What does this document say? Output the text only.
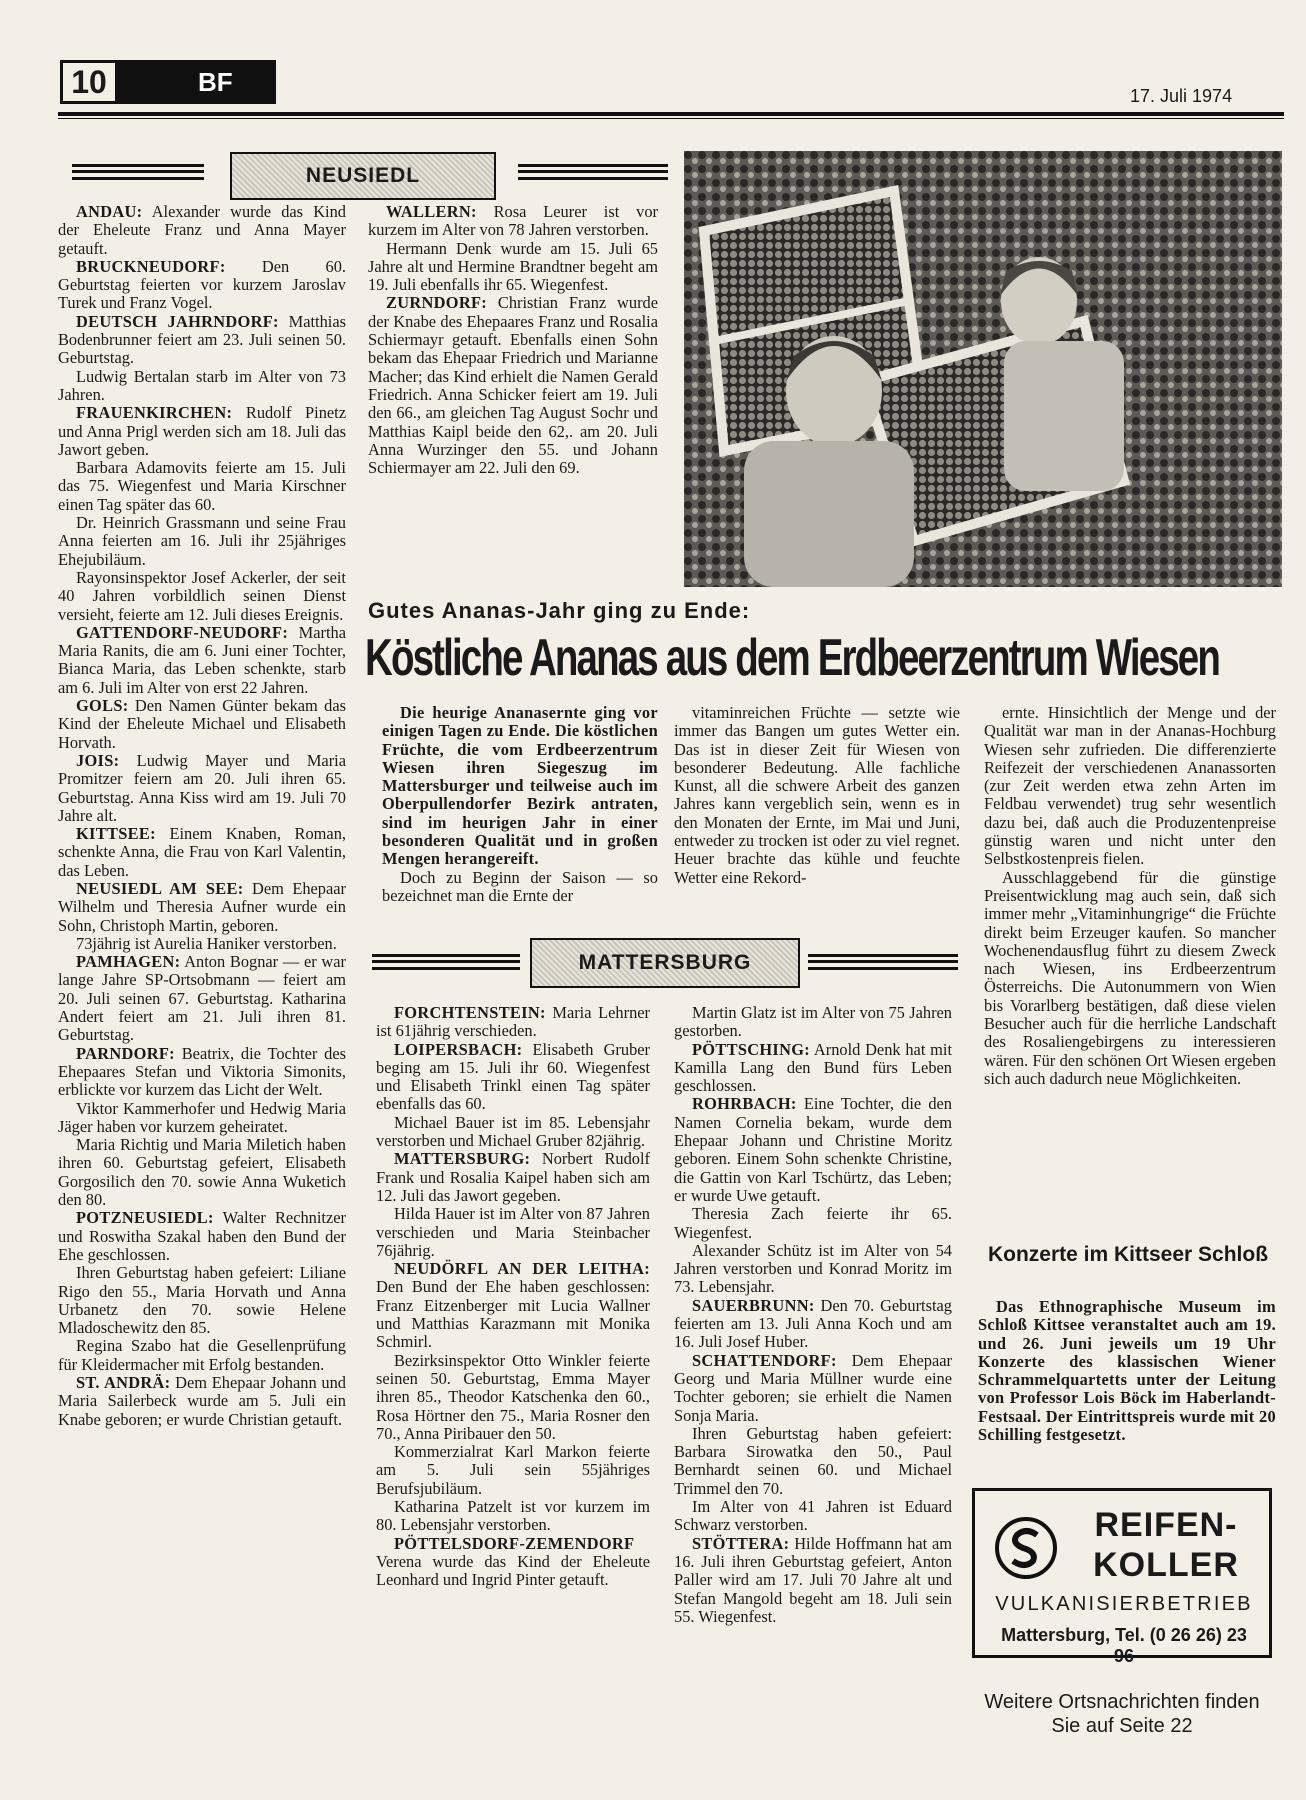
10	BF	17. Juli 1974
NEUSIEDL

ANDAU: Alexander wurde das Kind der Eheleute Franz und Anna Mayer getauft.

BRUCKNEUDORF: Den 60. Geburtstag feierten vor kurzem Jaroslav Turek und Franz Vogel.

DEUTSCH JAHRNDORF: Matthias Bodenbrunner feiert am 23. Juli seinen 50. Geburtstag.

Ludwig Bertalan starb im Alter von 73 Jahren.

FRAUENKIRCHEN: Rudolf Pinetz und Anna Prigl werden sich am 18. Juli das Jawort geben.

Barbara Adamovits feierte am 15. Juli das 75. Wiegenfest und Maria Kirschner einen Tag später das 60.

Dr. Heinrich Grassmann und seine Frau Anna feierten am 16. Juli ihr 25jähriges Ehejubiläum.

Rayonsinspektor Josef Ackerler, der seit 40 Jahren vorbildlich seinen Dienst versieht, feierte am 12. Juli dieses Ereignis.

GATTENDORF-NEUDORF: Martha Maria Ranits, die am 6. Juni einer Tochter, Bianca Maria, das Leben schenkte, starb am 6. Juli im Alter von erst 22 Jahren.

GOLS: Den Namen Günter bekam das Kind der Eheleute Michael und Elisabeth Horvath.

JOIS: Ludwig Mayer und Maria Promitzer feiern am 20. Juli ihren 65. Geburtstag. Anna Kiss wird am 19. Juli 70 Jahre alt.

KITTSEE: Einem Knaben, Roman, schenkte Anna, die Frau von Karl Valentin, das Leben.

NEUSIEDL AM SEE: Dem Ehepaar Wilhelm und Theresia Aufner wurde ein Sohn, Christoph Martin, geboren.

73jährig ist Aurelia Haniker verstorben.

PAMHAGEN: Anton Bognar — er war lange Jahre SP-Ortsobmann — feiert am 20. Juli seinen 67. Geburtstag. Katharina Andert feiert am 21. Juli ihren 81. Geburtstag.

PARNDORF: Beatrix, die Tochter des Ehepaares Stefan und Viktoria Simonits, erblickte vor kurzem das Licht der Welt.

Viktor Kammerhofer und Hedwig Maria Jäger haben vor kurzem geheiratet.

Maria Richtig und Maria Miletich haben ihren 60. Geburtstag gefeiert, Elisabeth Gorgosilich den 70. sowie Anna Wuketich den 80.

POTZNEUSIEDL: Walter Rechnitzer und Roswitha Szakal haben den Bund der Ehe geschlossen.

Ihren Geburtstag haben gefeiert: Liliane Rigo den 55., Maria Horvath und Anna Urbanetz den 70. sowie Helene Mladoschewitz den 85.

Regina Szabo hat die Gesellenprüfung für Kleidermacher mit Erfolg bestanden.

ST. ANDRÄ: Dem Ehepaar Johann und Maria Sailerbeck wurde am 5. Juli ein Knabe geboren; er wurde Christian getauft.

WALLERN: Rosa Leurer ist vor kurzem im Alter von 78 Jahren verstorben.

Hermann Denk wurde am 15. Juli 65 Jahre alt und Hermine Brandtner begeht am 19. Juli ebenfalls ihr 65. Wiegenfest.

ZURNDORF: Christian Franz wurde der Knabe des Ehepaares Franz und Rosalia Schiermayr getauft. Ebenfalls einen Sohn bekam das Ehepaar Friedrich und Marianne Macher; das Kind erhielt die Namen Gerald Friedrich. Anna Schicker feiert am 19. Juli den 66., am gleichen Tag August Sochr und Matthias Kaipl beide den 62,. am 20. Juli Anna Wurzinger den 55. und Johann Schiermayer am 22. Juli den 69.

Gutes Ananas-Jahr ging zu Ende:
Köstliche Ananas aus dem Erdbeerzentrum Wiesen

Die heurige Ananasernte ging vor einigen Tagen zu Ende. Die köstlichen Früchte, die vom Erdbeerzentrum Wiesen ihren Siegeszug im Mattersburger und teilweise auch im Oberpullendorfer Bezirk antraten, sind im heurigen Jahr in einer besonderen Qualität und in großen Mengen herangereift.

Doch zu Beginn der Saison — so bezeichnet man die Ernte der

vitaminreichen Früchte — setzte wie immer das Bangen um gutes Wetter ein. Das ist in dieser Zeit für Wiesen von besonderer Bedeutung. Alle fachliche Kunst, all die schwere Arbeit des ganzen Jahres kann vergeblich sein, wenn es in den Monaten der Ernte, im Mai und Juni, entweder zu trocken ist oder zu viel regnet. Heuer brachte das kühle und feuchte Wetter eine Rekord-

ernte. Hinsichtlich der Menge und der Qualität war man in der Ananas-Hochburg Wiesen sehr zufrieden. Die differenzierte Reifezeit der verschiedenen Ananassorten (zur Zeit werden etwa zehn Arten im Feldbau verwendet) trug sehr wesentlich dazu bei, daß auch die Produzentenpreise günstig waren und nicht unter den Selbstkostenpreis fielen.

Ausschlaggebend für die günstige Preisentwicklung mag auch sein, daß sich immer mehr „Vitaminhungrige“ die Früchte direkt beim Erzeuger kaufen. So mancher Wochenendausflug führt zu diesem Zweck nach Wiesen, ins Erdbeerzentrum Österreichs. Die Autonummern von Wien bis Vorarlberg bestätigen, daß diese vielen Besucher auch für die herrliche Landschaft des Rosaliengebirgens zu interessieren wären. Für den schönen Ort Wiesen ergeben sich auch dadurch neue Möglichkeiten.

MATTERSBURG

FORCHTENSTEIN: Maria Lehrner ist 61jährig verschieden.

LOIPERSBACH: Elisabeth Gruber beging am 15. Juli ihr 60. Wiegenfest und Elisabeth Trinkl einen Tag später ebenfalls das 60.

Michael Bauer ist im 85. Lebensjahr verstorben und Michael Gruber 82jährig.

MATTERSBURG: Norbert Rudolf Frank und Rosalia Kaipel haben sich am 12. Juli das Jawort gegeben.

Hilda Hauer ist im Alter von 87 Jahren verschieden und Maria Steinbacher 76jährig.

NEUDÖRFL AN DER LEITHA: Den Bund der Ehe haben geschlossen: Franz Eitzenberger mit Lucia Wallner und Matthias Karazmann mit Monika Schmirl.

Bezirksinspektor Otto Winkler feierte seinen 50. Geburtstag, Emma Mayer ihren 85., Theodor Katschenka den 60., Rosa Hörtner den 75., Maria Rosner den 70., Anna Piribauer den 50.

Kommerzialrat Karl Markon feierte am 5. Juli sein 55jähriges Berufsjubiläum.

Katharina Patzelt ist vor kurzem im 80. Lebensjahr verstorben.

PÖTTELSDORF-ZEMENDORF Verena wurde das Kind der Eheleute Leonhard und Ingrid Pinter getauft.

Martin Glatz ist im Alter von 75 Jahren gestorben.

PÖTTSCHING: Arnold Denk hat mit Kamilla Lang den Bund fürs Leben geschlossen.

ROHRBACH: Eine Tochter, die den Namen Cornelia bekam, wurde dem Ehepaar Johann und Christine Moritz geboren. Einem Sohn schenkte Christine, die Gattin von Karl Tschürtz, das Leben; er wurde Uwe getauft.

Theresia Zach feierte ihr 65. Wiegenfest.

Alexander Schütz ist im Alter von 54 Jahren verstorben und Konrad Moritz im 73. Lebensjahr.

SAUERBRUNN: Den 70. Geburtstag feierten am 13. Juli Anna Koch und am 16. Juli Josef Huber.

SCHATTENDORF: Dem Ehepaar Georg und Maria Müllner wurde eine Tochter geboren; sie erhielt die Namen Sonja Maria.

Ihren Geburtstag haben gefeiert: Barbara Sirowatka den 50., Paul Bernhardt seinen 60. und Michael Trimmel den 70.

Im Alter von 41 Jahren ist Eduard Schwarz verstorben.

STÖTTERA: Hilde Hoffmann hat am 16. Juli ihren Geburtstag gefeiert, Anton Paller wird am 17. Juli 70 Jahre alt und Stefan Mangold begeht am 18. Juli sein 55. Wiegenfest.

Konzerte im Kittseer Schloß

Das Ethnographische Museum im Schloß Kittsee veranstaltet auch am 19. und 26. Juni jeweils um 19 Uhr Konzerte des klassischen Wiener Schrammelquartetts unter der Leitung von Professor Lois Böck im Haberlandt-Festsaal. Der Eintrittspreis wurde mit 20 Schilling festgesetzt.

REIFEN-KOLLER
VULKANISIERBETRIEB
Mattersburg, Tel. (0 26 26) 23 96
Weitere Ortsnachrichten finden Sie auf Seite 22
